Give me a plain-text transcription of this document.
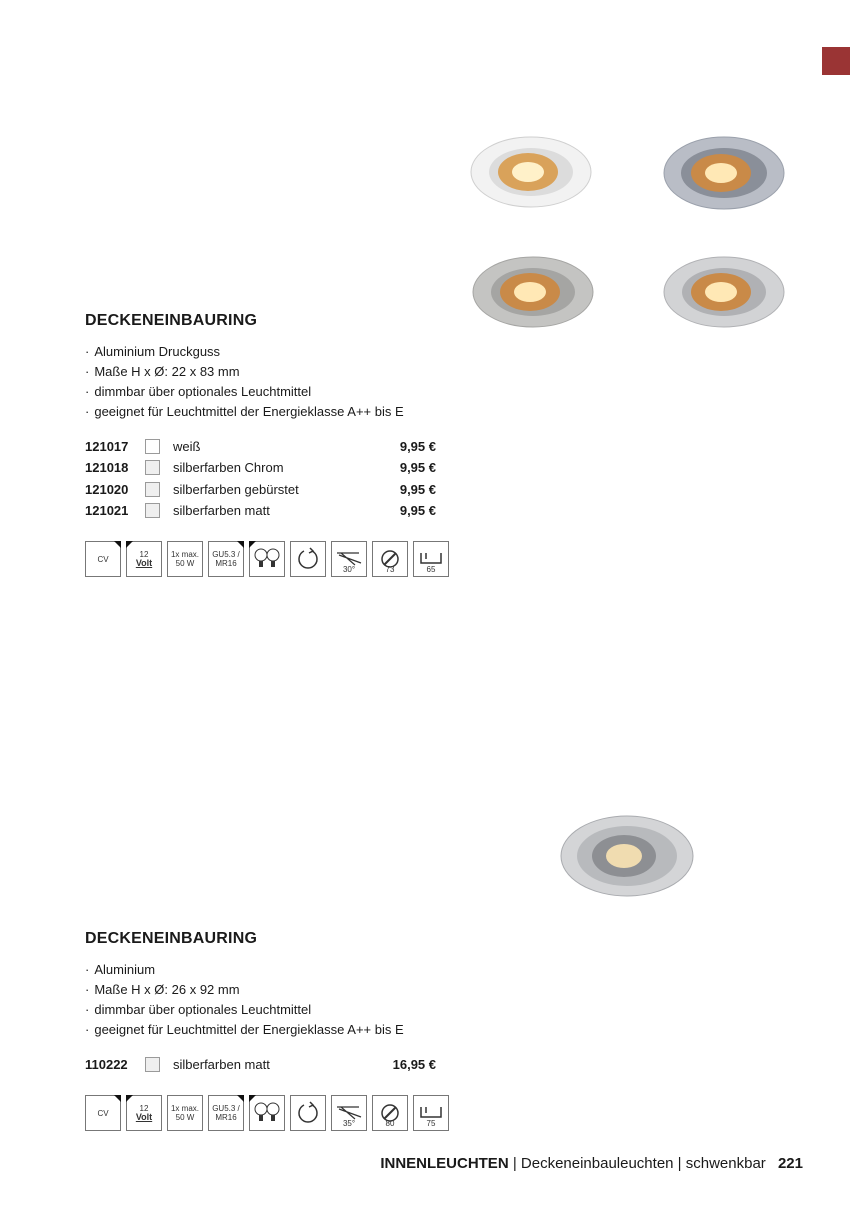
DECKENEINBAURING
· Aluminium Druckguss
· Maße H x Ø: 22 x 83 mm
· dimmbar über optionales Leuchtmittel
· geeignet für Leuchtmittel der Energieklasse A++ bis E
121017	weiß	9,95 €
121018	silberfarben Chrom	9,95 €
121020	silberfarben gebürstet	9,95 €
121021	silberfarben matt	9,95 €
CV	12
Volt
1x max.
50 W
GU5.3 /
MR16
30°	73	65
DECKENEINBAURING
· Aluminium
· Maße H x Ø: 26 x 92 mm
· dimmbar über optionales Leuchtmittel
· geeignet für Leuchtmittel der Energieklasse A++ bis E
110222	silberfarben matt	16,95 €
CV	12
Volt
1x max.
50 W
GU5.3 /
MR16
35°	80	75
INNENLEUCHTEN | Deckeneinbauleuchten | schwenkbar 221
